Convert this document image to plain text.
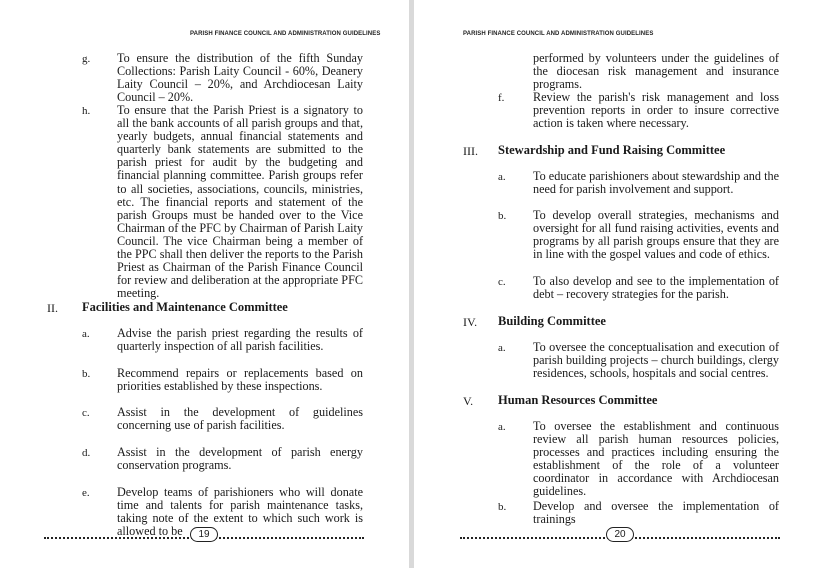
PARISH FINANCE COUNCIL AND ADMINISTRATION GUIDELINES
g. To ensure the distribution of the fifth Sunday Collections: Parish Laity Council - 60%, Deanery Laity Council – 20%, and Archdiocesan Laity Council – 20%.
h. To ensure that the Parish Priest is a signatory to all the bank accounts of all parish groups and that, yearly budgets, annual financial statements and quarterly bank statements are submitted to the parish priest for audit by the budgeting and financial planning committee. Parish groups refer to all societies, associations, councils, ministries, etc. The financial reports and statement of the parish Groups must be handed over to the Vice Chairman of the PFC by Chairman of Parish Laity Council. The vice Chairman being a member of the PPC shall then deliver the reports to the Parish Priest as Chairman of the Parish Finance Council for review and deliberation at the appropriate PFC meeting.
II. Facilities and Maintenance Committee
a. Advise the parish priest regarding the results of quarterly inspection of all parish facilities.
b. Recommend repairs or replacements based on priorities established by these inspections.
c. Assist in the development of guidelines concerning use of parish facilities.
d. Assist in the development of parish energy conservation programs.
e. Develop teams of parishioners who will donate time and talents for parish maintenance tasks, taking note of the extent to which such work is allowed to be	19
PARISH FINANCE COUNCIL AND ADMINISTRATION GUIDELINES
performed by volunteers under the guidelines of the diocesan risk management and insurance programs.
f. Review the parish's risk management and loss prevention reports in order to insure corrective action is taken where necessary.
III. Stewardship and Fund Raising Committee
a. To educate parishioners about stewardship and the need for parish involvement and support.
b. To develop overall strategies, mechanisms and oversight for all fund raising activities, events and programs by all parish groups ensure that they are in line with the gospel values and code of ethics.
c. To also develop and see to the implementation of debt – recovery strategies for the parish.
IV. Building Committee
a. To oversee the conceptualisation and execution of parish building projects – church buildings, clergy residences, schools, hospitals and social centres.
V. Human Resources Committee
a. To oversee the establishment and continuous review all parish human resources policies, processes and practices including ensuring the establishment of the role of a volunteer coordinator in accordance with Archdiocesan guidelines.
b. Develop and oversee the implementation of trainings
20
